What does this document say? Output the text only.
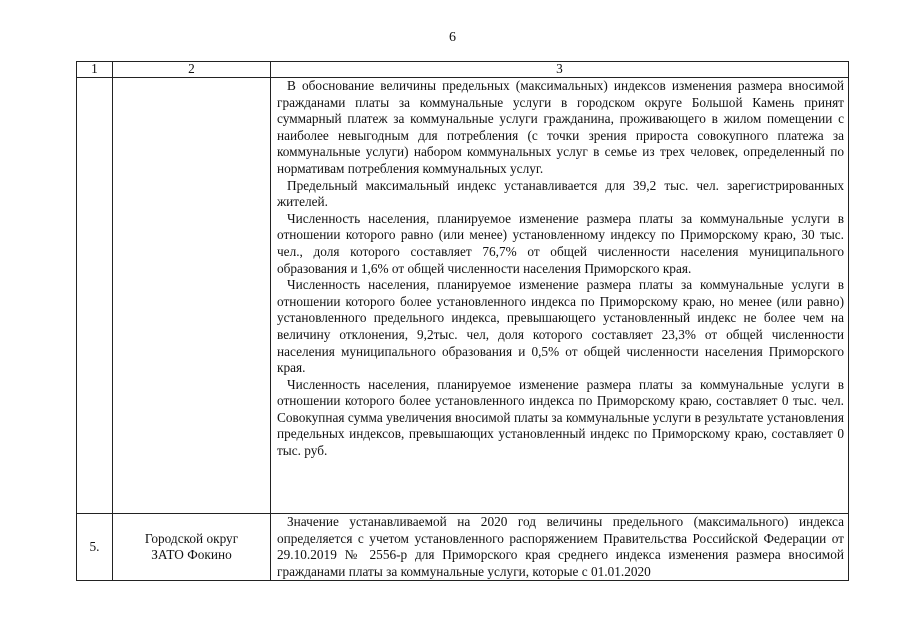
6
1	2	3

		В обоснование величины предельных (максимальных) индексов изменения размера вносимой гражданами платы за коммунальные услуги в городском округе Большой Камень принят суммарный платеж за коммунальные услуги гражданина, проживающего в жилом помещении с наиболее невыгодным для потребления (с точки зрения прироста совокупного платежа за коммунальные услуги) набором коммунальных услуг в семье из трех человек, определенный по нормативам потребления коммунальных услуг.

Предельный максимальный индекс устанавливается для 39,2 тыс. чел. зарегистрированных жителей.

Численность населения, планируемое изменение размера платы за коммунальные услуги в отношении которого равно (или менее) установленному индексу по Приморскому краю, 30 тыс. чел., доля которого составляет 76,7% от общей численности населения муниципального образования и 1,6% от общей численности населения Приморского края.

Численность населения, планируемое изменение размера платы за коммунальные услуги в отношении которого более установленного индекса по Приморскому краю, но менее (или равно) установленного предельного индекса, превышающего установленный индекс не более чем на величину отклонения, 9,2тыс. чел, доля которого составляет 23,3% от общей численности населения муниципального образования и 0,5% от общей численности населения Приморского края.

Численность населения, планируемое изменение размера платы за коммунальные услуги в отношении которого более установленного индекса по Приморскому краю, составляет 0 тыс. чел. Совокупная сумма увеличения вносимой платы за коммунальные услуги в результате установления предельных индексов, превышающих установленный индекс по Приморскому краю, составляет 0 тыс. руб.

5.	Городской округ
ЗАТО Фокино	Значение устанавливаемой на 2020 год величины предельного (максимального) индекса определяется с учетом установленного распоряжением Правительства Российской Федерации от 29.10.2019 № 2556-р для Приморского края среднего индекса изменения размера вносимой гражданами платы за коммунальные услуги, которые с 01.01.2020
